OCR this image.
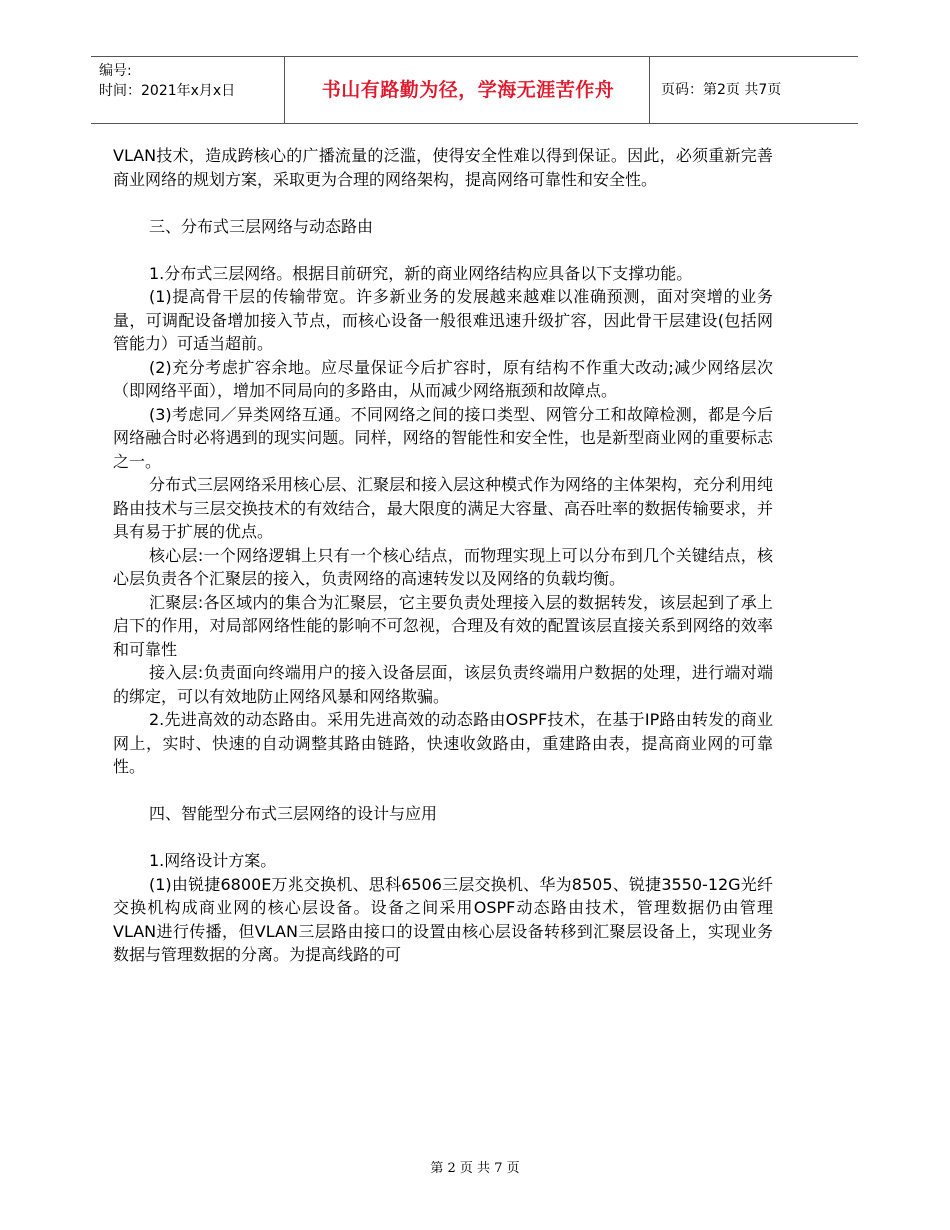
编号:
时间：2021年x月x日	书山有路勤为径，学海无涯苦作舟	页码：第2页 共7页

VLAN技术，造成跨核心的广播流量的泛滥，使得安全性难以得到保证。因此，必须重新完善商业网络的规划方案，采取更为合理的网络架构，提高网络可靠性和安全性。

三、分布式三层网络与动态路由

1.分布式三层网络。根据目前研究，新的商业网络结构应具备以下支撑功能。

(1)提高骨干层的传输带宽。许多新业务的发展越来越难以准确预测，面对突增的业务量，可调配设备增加接入节点，而核心设备一般很难迅速升级扩容，因此骨干层建设(包括网管能力）可适当超前。

(2)充分考虑扩容余地。应尽量保证今后扩容时，原有结构不作重大改动;减少网络层次（即网络平面），增加不同局向的多路由，从而减少网络瓶颈和故障点。

(3)考虑同／异类网络互通。不同网络之间的接口类型、网管分工和故障检测，都是今后网络融合时必将遇到的现实问题。同样，网络的智能性和安全性，也是新型商业网的重要标志之一。

分布式三层网络采用核心层、汇聚层和接入层这种模式作为网络的主体架构，充分利用纯路由技术与三层交换技术的有效结合，最大限度的满足大容量、高吞吐率的数据传输要求，并具有易于扩展的优点。

核心层:一个网络逻辑上只有一个核心结点，而物理实现上可以分布到几个关键结点，核心层负责各个汇聚层的接入，负责网络的高速转发以及网络的负载均衡。

汇聚层:各区域内的集合为汇聚层，它主要负责处理接入层的数据转发，该层起到了承上启下的作用，对局部网络性能的影响不可忽视，合理及有效的配置该层直接关系到网络的效率和可靠性

接入层:负责面向终端用户的接入设备层面，该层负责终端用户数据的处理，进行端对端的绑定，可以有效地防止网络风暴和网络欺骗。

2.先进高效的动态路由。采用先进高效的动态路由OSPF技术，在基于IP路由转发的商业网上，实时、快速的自动调整其路由链路，快速收敛路由，重建路由表，提高商业网的可靠性。

四、智能型分布式三层网络的设计与应用

1.网络设计方案。

(1)由锐捷6800E万兆交换机、思科6506三层交换机、华为8505、锐捷3550-12G光纤交换机构成商业网的核心层设备。设备之间采用OSPF动态路由技术，管理数据仍由管理VLAN进行传播，但VLAN三层路由接口的设置由核心层设备转移到汇聚层设备上，实现业务数据与管理数据的分离。为提高线路的可

第 2 页 共 7 页
